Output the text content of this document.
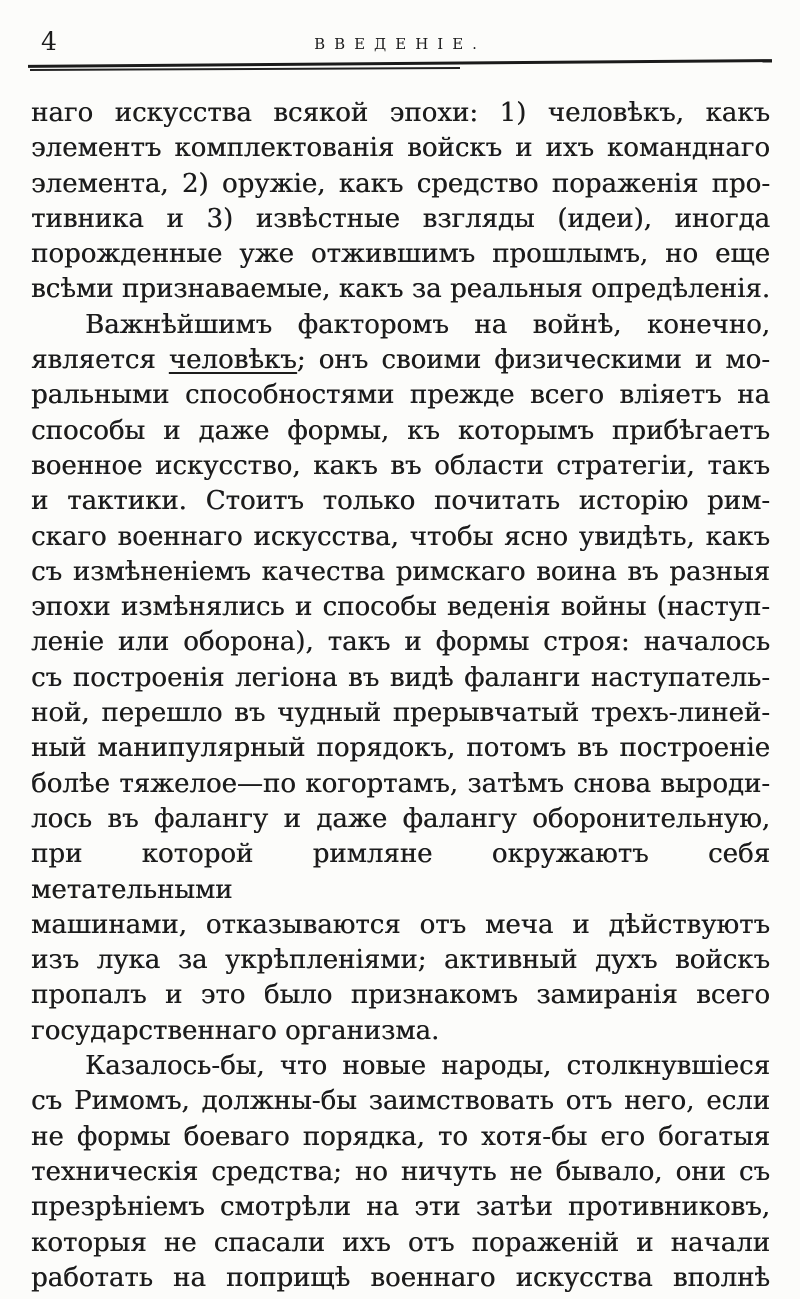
4	ВВЕДЕНІЕ.
наго искусства всякой эпохи: 1) человѣкъ, какъ
элементъ комплектованія войскъ и ихъ команднаго
элемента, 2) оружіе, какъ средство пораженія про-
тивника и 3) извѣстные взгляды (идеи), иногда
порожденные уже отжившимъ прошлымъ, но еще
всѣми признаваемые, какъ за реальныя опредѣленія.
Важнѣйшимъ факторомъ на войнѣ, конечно,
является человѣкъ; онъ своими физическими и мо-
ральными способностями прежде всего вліяетъ на
способы и даже формы, къ которымъ прибѣгаетъ
военное искусство, какъ въ области стратегіи, такъ
и тактики. Стоитъ только почитать исторію рим-
скаго военнаго искусства, чтобы ясно увидѣть, какъ
съ измѣненіемъ качества римскаго воина въ разныя
эпохи измѣнялись и способы веденія войны (наступ-
леніе или оборона), такъ и формы строя: началось
съ построенія легіона въ видѣ фаланги наступатель-
ной, перешло въ чудный прерывчатый трехъ-линей-
ный манипулярный порядокъ, потомъ въ построеніе
болѣе тяжелое—по когортамъ, затѣмъ снова выроди-
лось въ фалангу и даже фалангу оборонительную,
при которой римляне окружаютъ себя метательными
машинами, отказываются отъ меча и дѣйствуютъ
изъ лука за укрѣпленіями; активный духъ войскъ
пропалъ и это было признакомъ замиранія всего
государственнаго организма.
Казалось-бы, что новые народы, столкнувшіеся
съ Римомъ, должны-бы заимствовать отъ него, если
не формы боеваго порядка, то хотя-бы его богатыя
техническія средства; но ничуть не бывало, они съ
презрѣніемъ смотрѣли на эти затѣи противниковъ,
которыя не спасали ихъ отъ пораженій и начали
работать на поприщѣ военнаго искусства вполнѣ
